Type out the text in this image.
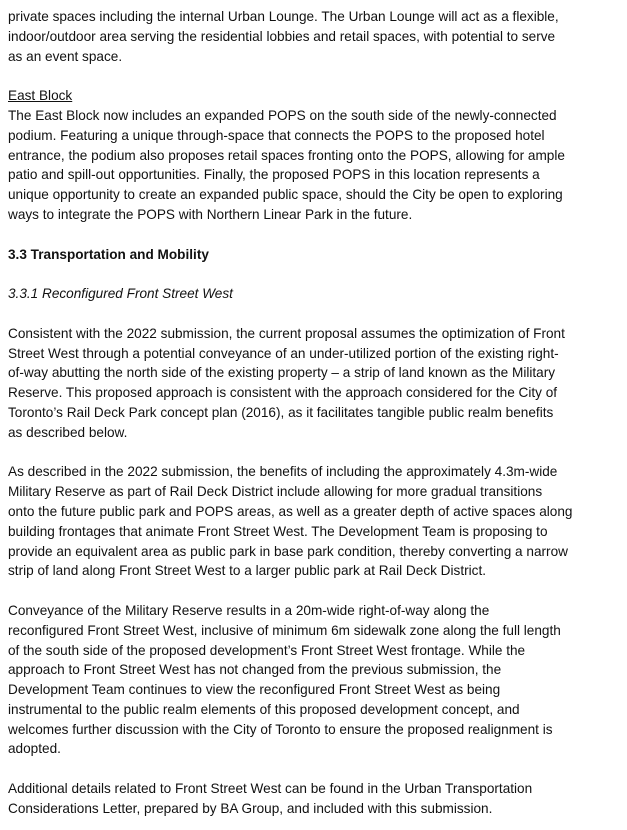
private spaces including the internal Urban Lounge. The Urban Lounge will act as a flexible,
indoor/outdoor area serving the residential lobbies and retail spaces, with potential to serve
as an event space.

East Block

The East Block now includes an expanded POPS on the south side of the newly-connected
podium. Featuring a unique through-space that connects the POPS to the proposed hotel
entrance, the podium also proposes retail spaces fronting onto the POPS, allowing for ample
patio and spill-out opportunities. Finally, the proposed POPS in this location represents a
unique opportunity to create an expanded public space, should the City be open to exploring
ways to integrate the POPS with Northern Linear Park in the future.

3.3 Transportation and Mobility
3.3.1 Reconfigured Front Street West

Consistent with the 2022 submission, the current proposal assumes the optimization of Front
Street West through a potential conveyance of an under-utilized portion of the existing right-
of-way abutting the north side of the existing property – a strip of land known as the Military
Reserve. This proposed approach is consistent with the approach considered for the City of
Toronto’s Rail Deck Park concept plan (2016), as it facilitates tangible public realm benefits
as described below.

As described in the 2022 submission, the benefits of including the approximately 4.3m-wide
Military Reserve as part of Rail Deck District include allowing for more gradual transitions
onto the future public park and POPS areas, as well as a greater depth of active spaces along
building frontages that animate Front Street West. The Development Team is proposing to
provide an equivalent area as public park in base park condition, thereby converting a narrow
strip of land along Front Street West to a larger public park at Rail Deck District.

Conveyance of the Military Reserve results in a 20m-wide right-of-way along the
reconfigured Front Street West, inclusive of minimum 6m sidewalk zone along the full length
of the south side of the proposed development’s Front Street West frontage. While the
approach to Front Street West has not changed from the previous submission, the
Development Team continues to view the reconfigured Front Street West as being
instrumental to the public realm elements of this proposed development concept, and
welcomes further discussion with the City of Toronto to ensure the proposed realignment is
adopted.

Additional details related to Front Street West can be found in the Urban Transportation
Considerations Letter, prepared by BA Group, and included with this submission.
